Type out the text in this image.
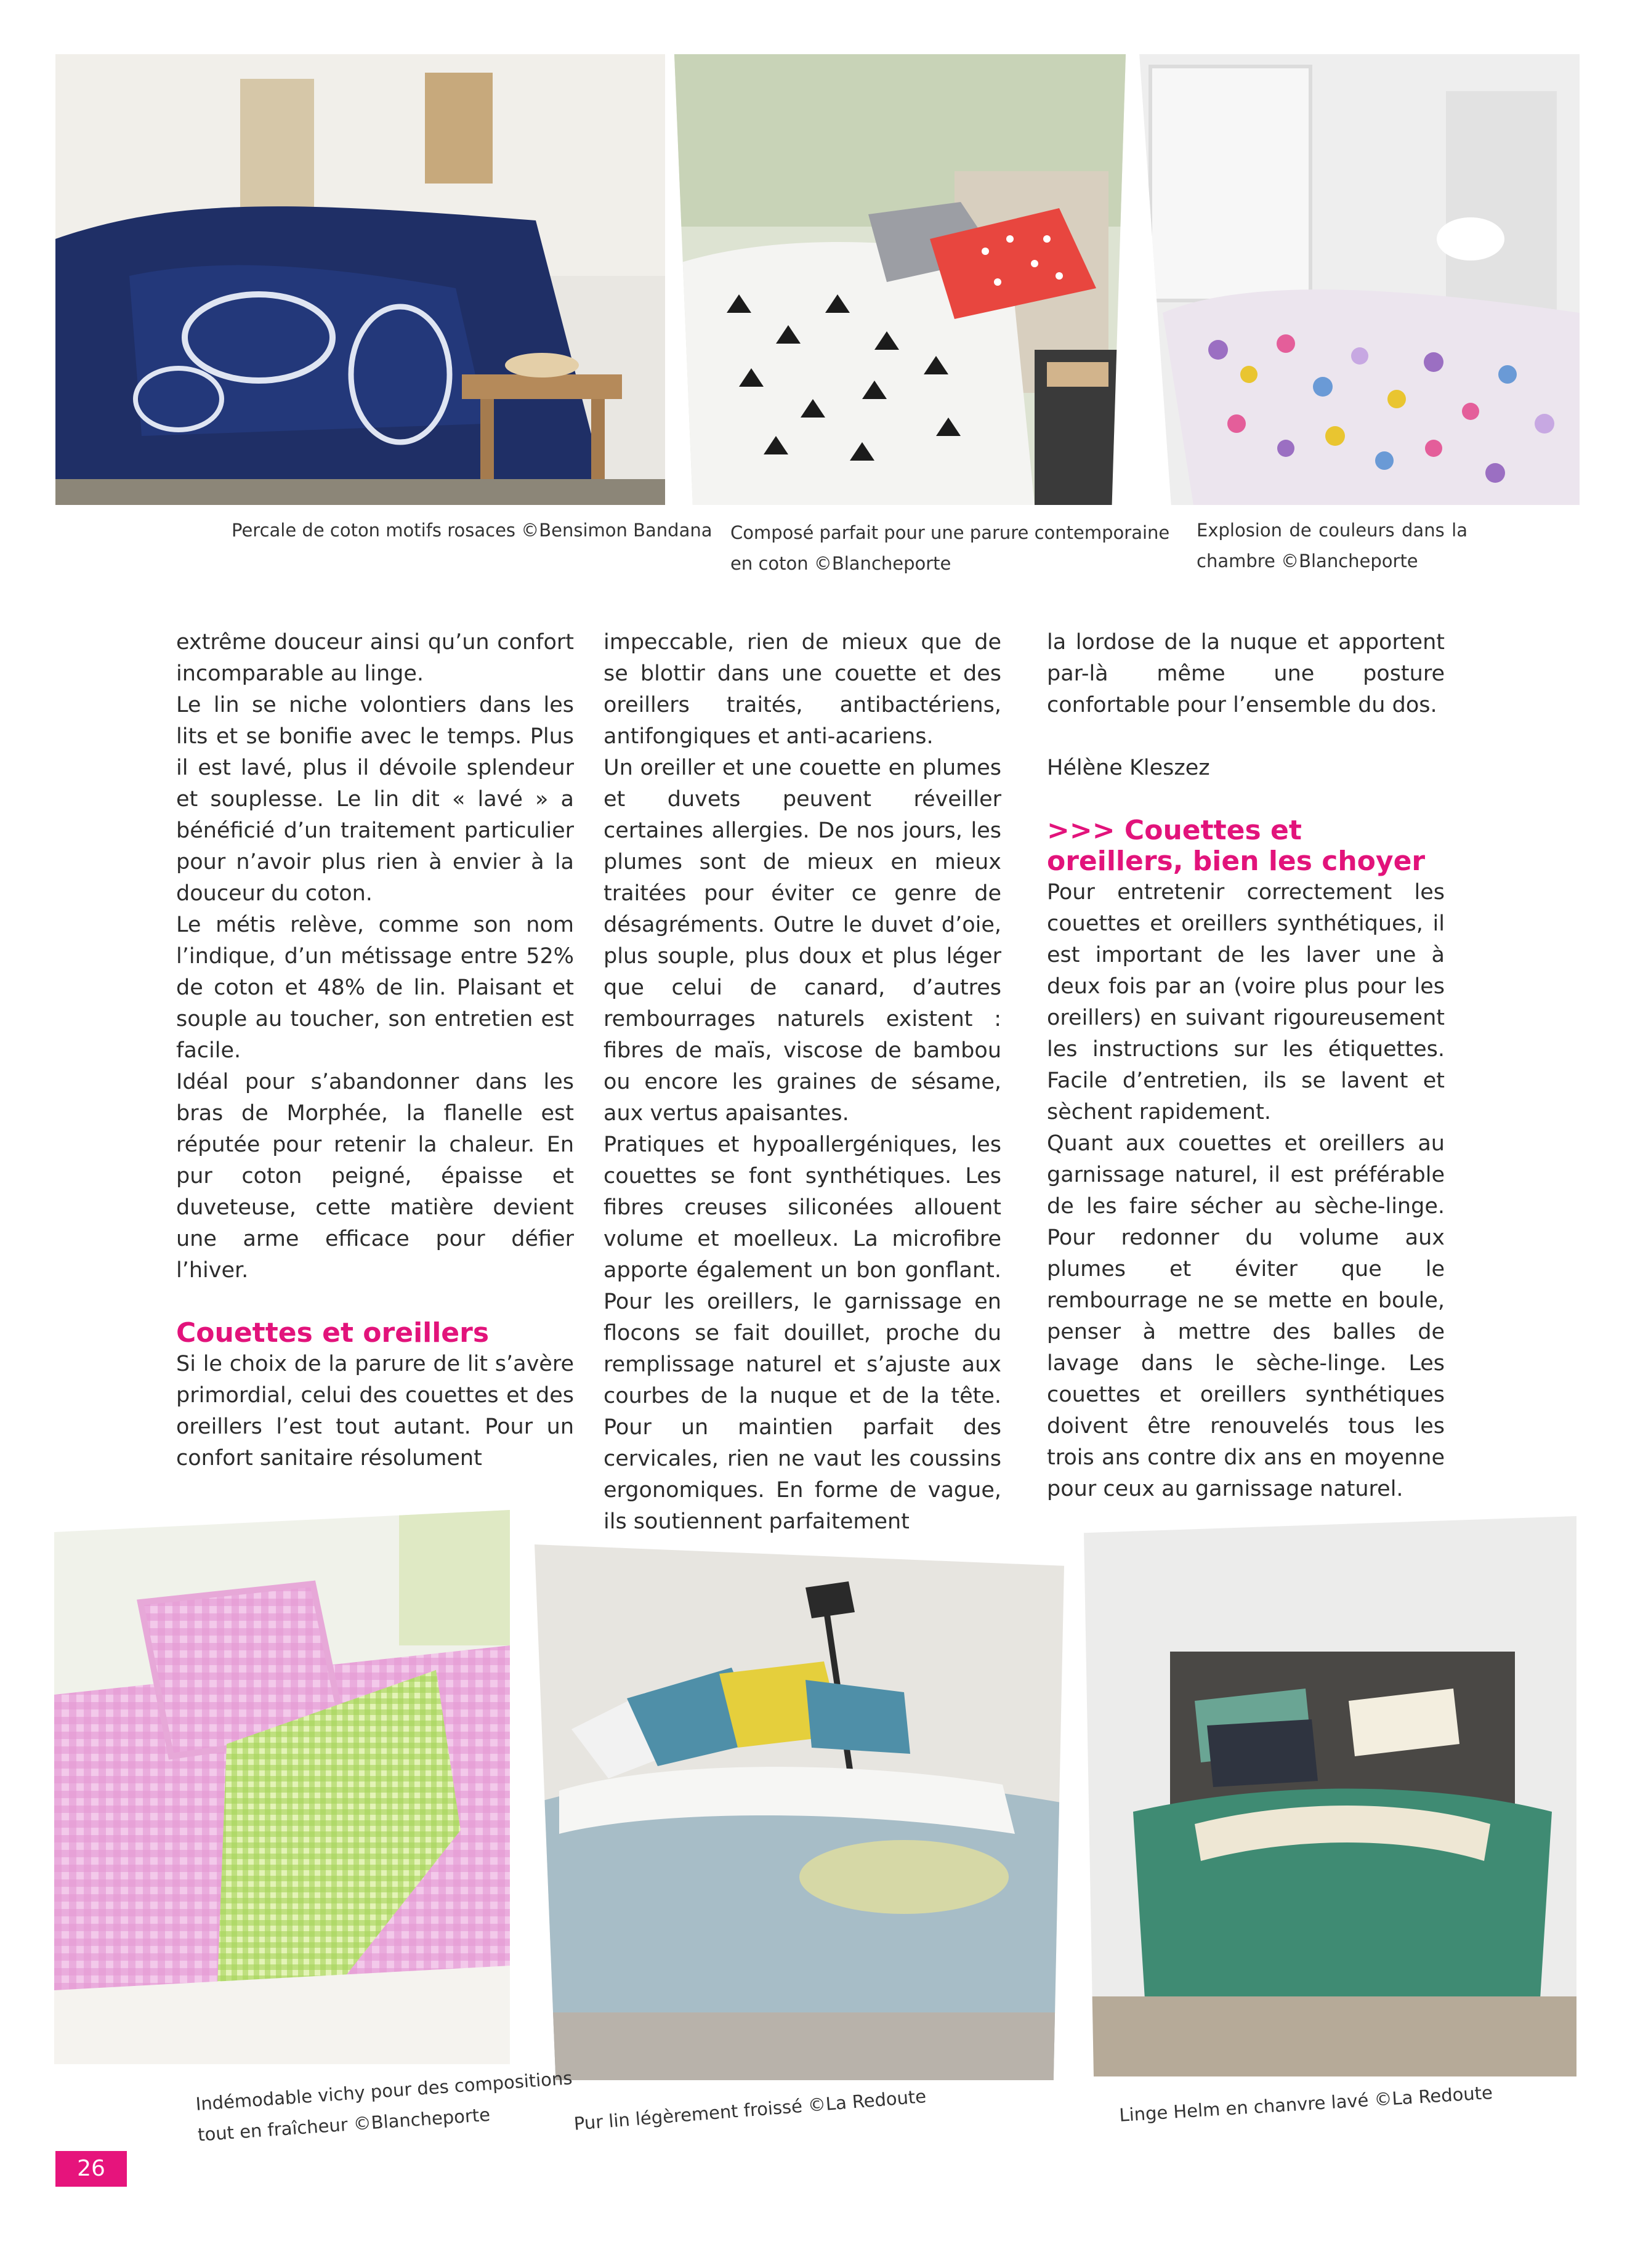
Percale de coton motifs rosaces ©Bensimon Bandana Composé parfait pour une parure contemporaine
en coton ©Blancheporte
Explosion de couleurs dans la
chambre ©Blancheporte

extrême douceur ainsi qu’un confort incomparable au linge.

Le lin se niche volontiers dans les lits et se bonifie avec le temps. Plus il est lavé, plus il dévoile splendeur et souplesse. Le lin dit « lavé » a bénéficié d’un traitement particulier pour n’avoir plus rien à envier à la douceur du coton.

Le métis relève, comme son nom l’indique, d’un métissage entre 52% de coton et 48% de lin. Plaisant et souple au toucher, son entretien est facile.

Idéal pour s’abandonner dans les bras de Morphée, la flanelle est réputée pour retenir la chaleur. En pur coton peigné, épaisse et duveteuse, cette matière devient une arme efficace pour défier l’hiver.

Couettes et oreillers

Si le choix de la parure de lit s’avère primordial, celui des couettes et des oreillers l’est tout autant. Pour un confort sanitaire résolument

impeccable, rien de mieux que de se blottir dans une couette et des oreillers traités, antibactériens, antifongiques et anti-acariens.

Un oreiller et une couette en plumes et duvets peuvent réveiller certaines allergies. De nos jours, les plumes sont de mieux en mieux traitées pour éviter ce genre de désagréments. Outre le duvet d’oie, plus souple, plus doux et plus léger que celui de canard, d’autres rembourrages naturels existent : fibres de maïs, viscose de bambou ou encore les graines de sésame, aux vertus apaisantes.

Pratiques et hypoallergéniques, les couettes se font synthétiques. Les fibres creuses siliconées allouent volume et moelleux. La microfibre apporte également un bon gonflant. Pour les oreillers, le garnissage en flocons se fait douillet, proche du remplissage naturel et s’ajuste aux courbes de la nuque et de la tête. Pour un maintien parfait des cervicales, rien ne vaut les coussins ergonomiques. En forme de vague, ils soutiennent parfaitement

la lordose de la nuque et apportent par-là même une posture confortable pour l’ensemble du dos.

Hélène Kleszez

>>> Couettes et oreillers, bien les choyer

Pour entretenir correctement les couettes et oreillers synthétiques, il est important de les laver une à deux fois par an (voire plus pour les oreillers) en suivant rigoureusement les instructions sur les étiquettes. Facile d’entretien, ils se lavent et sèchent rapidement.

Quant aux couettes et oreillers au garnissage naturel, il est préférable de les faire sécher au sèche-linge. Pour redonner du volume aux plumes et éviter que le rembourrage ne se mette en boule, penser à mettre des balles de lavage dans le sèche-linge. Les couettes et oreillers synthétiques doivent être renouvelés tous les trois ans contre dix ans en moyenne pour ceux au garnissage naturel.

Indémodable vichy pour des compositions
tout en fraîcheur ©Blancheporte	Pur lin légèrement froissé ©La Redoute	Linge Helm en chanvre lavé ©La Redoute
26
